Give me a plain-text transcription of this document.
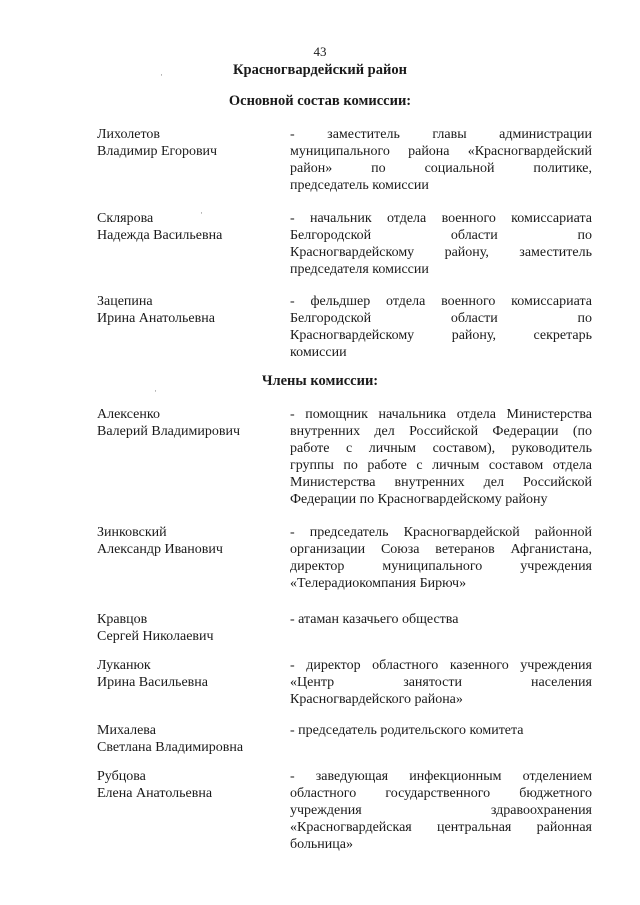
43
Красногвардейский район
Основной состав комиссии:
Лихолетов
Владимир Егорович
- заместитель главы администрации
муниципального района «Красногвардейский
район» по социальной политике,
председатель комиссии
Склярова
Надежда Васильевна
- начальник отдела военного комиссариата
Белгородской области по
Красногвардейскому району, заместитель
председателя комиссии
Зацепина
Ирина Анатольевна
- фельдшер отдела военного комиссариата
Белгородской области по
Красногвардейскому району, секретарь
комиссии
Члены комиссии:
Алексенко
Валерий Владимирович
- помощник начальника отдела Министерства
внутренних дел Российской Федерации (по
работе с личным составом), руководитель
группы по работе с личным составом отдела
Министерства внутренних дел Российской
Федерации по Красногвардейскому району
Зинковский
Александр Иванович
- председатель Красногвардейской районной
организации Союза ветеранов Афганистана,
директор муниципального учреждения
«Телерадиокомпания Бирюч»
Кравцов
Сергей Николаевич
- атаман казачьего общества
Луканюк
Ирина Васильевна
- директор областного казенного учреждения
«Центр занятости населения
Красногвардейского района»
Михалева
Светлана Владимировна
- председатель родительского комитета
Рубцова
Елена Анатольевна
- заведующая инфекционным отделением
областного государственного бюджетного
учреждения здравоохранения
«Красногвардейская центральная районная
больница»
·
·
·
